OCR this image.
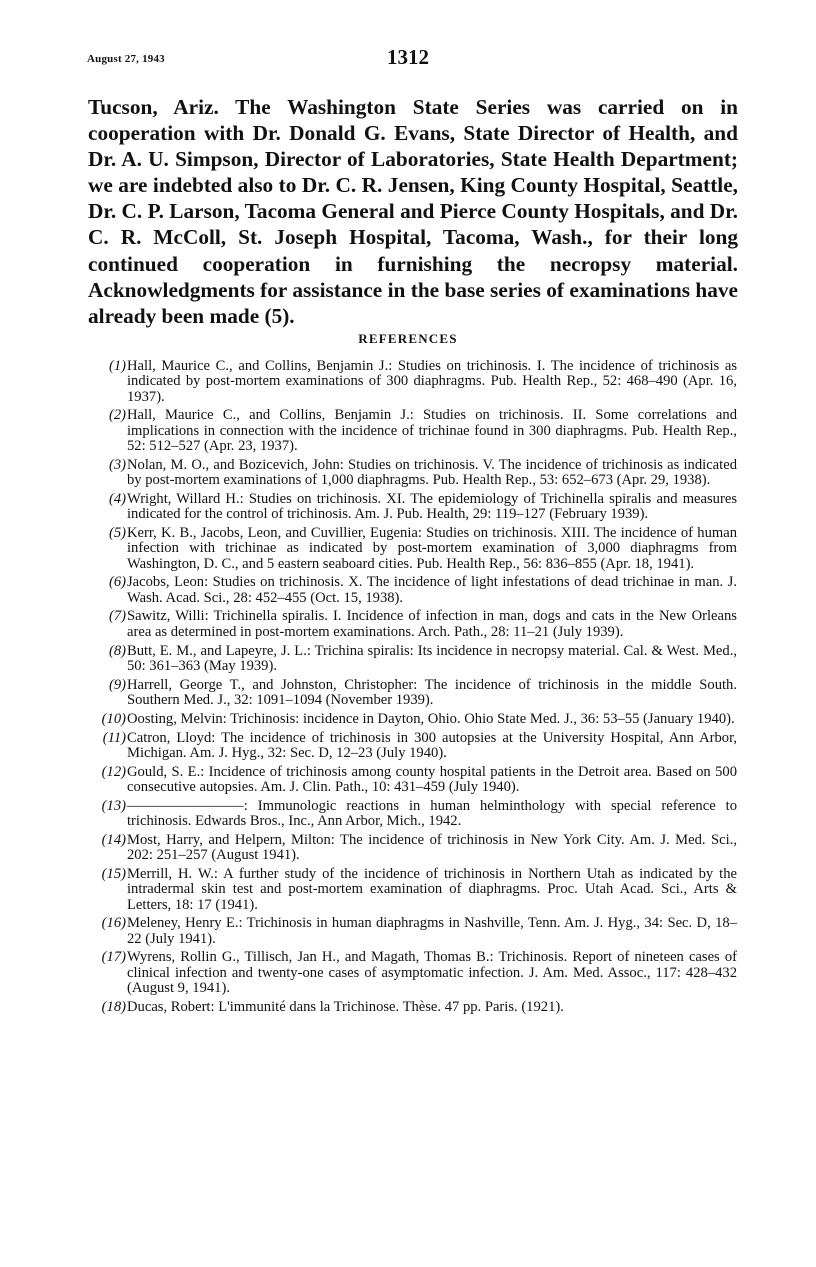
August 27, 1943	1312

Tucson, Ariz. The Washington State Series was carried on in cooperation with Dr. Donald G. Evans, State Director of Health, and Dr. A. U. Simpson, Director of Laboratories, State Health Department; we are indebted also to Dr. C. R. Jensen, King County Hospital, Seattle, Dr. C. P. Larson, Tacoma General and Pierce County Hospitals, and Dr. C. R. McColl, St. Joseph Hospital, Tacoma, Wash., for their long continued cooperation in furnishing the necropsy material. Acknowledgments for assistance in the base series of examinations have already been made (5).

REFERENCES
(1) Hall, Maurice C., and Collins, Benjamin J.: Studies on trichinosis. I. The incidence of trichinosis as indicated by post-mortem examinations of 300 diaphragms. Pub. Health Rep., 52: 468–490 (Apr. 16, 1937).
(2) Hall, Maurice C., and Collins, Benjamin J.: Studies on trichinosis. II. Some correlations and implications in connection with the incidence of trichinae found in 300 diaphragms. Pub. Health Rep., 52: 512–527 (Apr. 23, 1937).
(3) Nolan, M. O., and Bozicevich, John: Studies on trichinosis. V. The incidence of trichinosis as indicated by post-mortem examinations of 1,000 diaphragms. Pub. Health Rep., 53: 652–673 (Apr. 29, 1938).
(4) Wright, Willard H.: Studies on trichinosis. XI. The epidemiology of Trichinella spiralis and measures indicated for the control of trichinosis. Am. J. Pub. Health, 29: 119–127 (February 1939).
(5) Kerr, K. B., Jacobs, Leon, and Cuvillier, Eugenia: Studies on trichinosis. XIII. The incidence of human infection with trichinae as indicated by post-mortem examination of 3,000 diaphragms from Washington, D. C., and 5 eastern seaboard cities. Pub. Health Rep., 56: 836–855 (Apr. 18, 1941).
(6) Jacobs, Leon: Studies on trichinosis. X. The incidence of light infestations of dead trichinae in man. J. Wash. Acad. Sci., 28: 452–455 (Oct. 15, 1938).
(7) Sawitz, Willi: Trichinella spiralis. I. Incidence of infection in man, dogs and cats in the New Orleans area as determined in post-mortem examinations. Arch. Path., 28: 11–21 (July 1939).
(8) Butt, E. M., and Lapeyre, J. L.: Trichina spiralis: Its incidence in necropsy material. Cal. & West. Med., 50: 361–363 (May 1939).
(9) Harrell, George T., and Johnston, Christopher: The incidence of trichinosis in the middle South. Southern Med. J., 32: 1091–1094 (November 1939).
(10) Oosting, Melvin: Trichinosis: incidence in Dayton, Ohio. Ohio State Med. J., 36: 53–55 (January 1940).
(11) Catron, Lloyd: The incidence of trichinosis in 300 autopsies at the University Hospital, Ann Arbor, Michigan. Am. J. Hyg., 32: Sec. D, 12–23 (July 1940).
(12) Gould, S. E.: Incidence of trichinosis among county hospital patients in the Detroit area. Based on 500 consecutive autopsies. Am. J. Clin. Path., 10: 431–459 (July 1940).
(13) ————————: Immunologic reactions in human helminthology with special reference to trichinosis. Edwards Bros., Inc., Ann Arbor, Mich., 1942.
(14) Most, Harry, and Helpern, Milton: The incidence of trichinosis in New York City. Am. J. Med. Sci., 202: 251–257 (August 1941).
(15) Merrill, H. W.: A further study of the incidence of trichinosis in Northern Utah as indicated by the intradermal skin test and post-mortem examination of diaphragms. Proc. Utah Acad. Sci., Arts & Letters, 18: 17 (1941).
(16) Meleney, Henry E.: Trichinosis in human diaphragms in Nashville, Tenn. Am. J. Hyg., 34: Sec. D, 18–22 (July 1941).
(17) Wyrens, Rollin G., Tillisch, Jan H., and Magath, Thomas B.: Trichinosis. Report of nineteen cases of clinical infection and twenty-one cases of asymptomatic infection. J. Am. Med. Assoc., 117: 428–432 (August 9, 1941).
(18) Ducas, Robert: L'immunité dans la Trichinose. Thèse. 47 pp. Paris. (1921).
